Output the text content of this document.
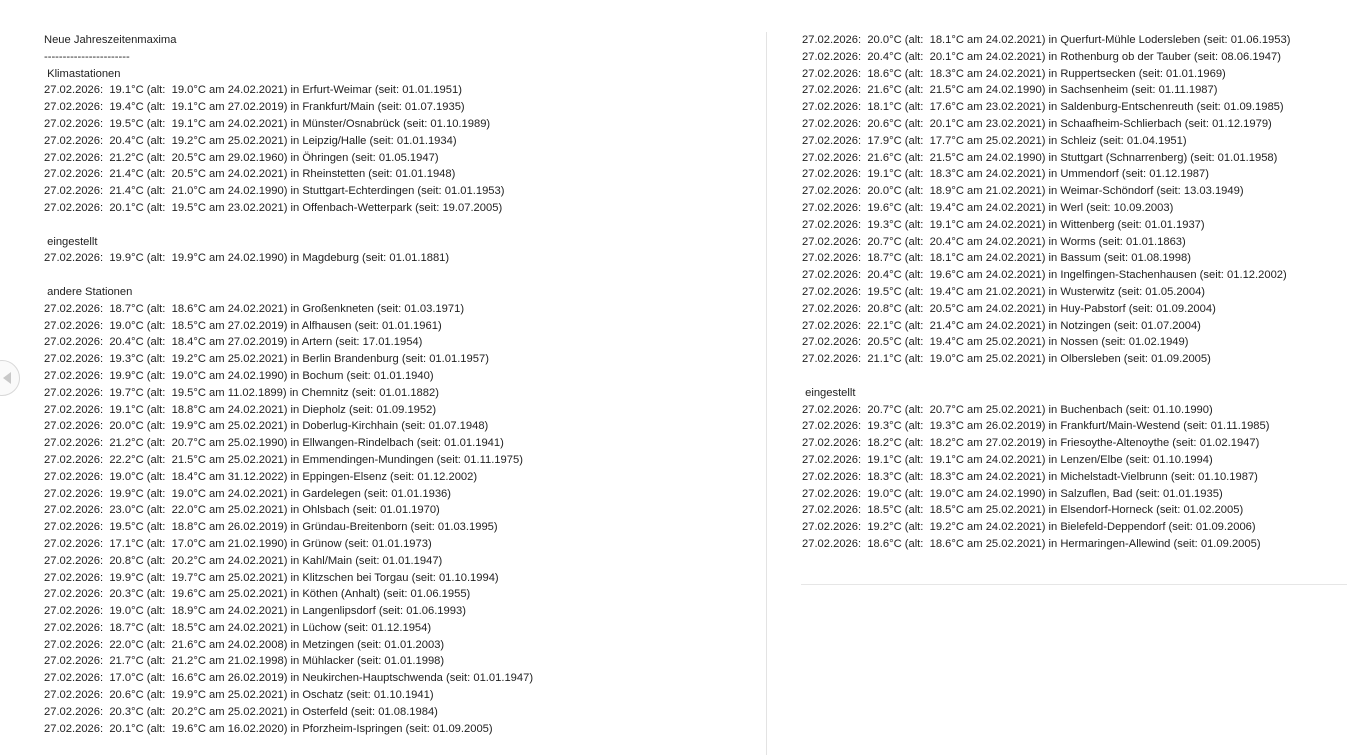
Neue Jahreszeitenmaxima
-----------------------
Klimastationen
27.02.2026:  19.1°C (alt:  19.0°C am 24.02.2021) in Erfurt-Weimar (seit: 01.01.1951)
27.02.2026:  19.4°C (alt:  19.1°C am 27.02.2019) in Frankfurt/Main (seit: 01.07.1935)
27.02.2026:  19.5°C (alt:  19.1°C am 24.02.2021) in Münster/Osnabrück (seit: 01.10.1989)
27.02.2026:  20.4°C (alt:  19.2°C am 25.02.2021) in Leipzig/Halle (seit: 01.01.1934)
27.02.2026:  21.2°C (alt:  20.5°C am 29.02.1960) in Öhringen (seit: 01.05.1947)
27.02.2026:  21.4°C (alt:  20.5°C am 24.02.2021) in Rheinstetten (seit: 01.01.1948)
27.02.2026:  21.4°C (alt:  21.0°C am 24.02.1990) in Stuttgart-Echterdingen (seit: 01.01.1953)
27.02.2026:  20.1°C (alt:  19.5°C am 23.02.2021) in Offenbach-Wetterpark (seit: 19.07.2005)
eingestellt
27.02.2026:  19.9°C (alt:  19.9°C am 24.02.1990) in Magdeburg (seit: 01.01.1881)
andere Stationen
27.02.2026:  18.7°C (alt:  18.6°C am 24.02.2021) in Großenkneten (seit: 01.03.1971)
27.02.2026:  19.0°C (alt:  18.5°C am 27.02.2019) in Alfhausen (seit: 01.01.1961)
27.02.2026:  20.4°C (alt:  18.4°C am 27.02.2019) in Artern (seit: 17.01.1954)
27.02.2026:  19.3°C (alt:  19.2°C am 25.02.2021) in Berlin Brandenburg (seit: 01.01.1957)
27.02.2026:  19.9°C (alt:  19.0°C am 24.02.1990) in Bochum (seit: 01.01.1940)
27.02.2026:  19.7°C (alt:  19.5°C am 11.02.1899) in Chemnitz (seit: 01.01.1882)
27.02.2026:  19.1°C (alt:  18.8°C am 24.02.2021) in Diepholz (seit: 01.09.1952)
27.02.2026:  20.0°C (alt:  19.9°C am 25.02.2021) in Doberlug-Kirchhain (seit: 01.07.1948)
27.02.2026:  21.2°C (alt:  20.7°C am 25.02.1990) in Ellwangen-Rindelbach (seit: 01.01.1941)
27.02.2026:  22.2°C (alt:  21.5°C am 25.02.2021) in Emmendingen-Mundingen (seit: 01.11.1975)
27.02.2026:  19.0°C (alt:  18.4°C am 31.12.2022) in Eppingen-Elsenz (seit: 01.12.2002)
27.02.2026:  19.9°C (alt:  19.0°C am 24.02.2021) in Gardelegen (seit: 01.01.1936)
27.02.2026:  23.0°C (alt:  22.0°C am 25.02.2021) in Ohlsbach (seit: 01.01.1970)
27.02.2026:  19.5°C (alt:  18.8°C am 26.02.2019) in Gründau-Breitenborn (seit: 01.03.1995)
27.02.2026:  17.1°C (alt:  17.0°C am 21.02.1990) in Grünow (seit: 01.01.1973)
27.02.2026:  20.8°C (alt:  20.2°C am 24.02.2021) in Kahl/Main (seit: 01.01.1947)
27.02.2026:  19.9°C (alt:  19.7°C am 25.02.2021) in Klitzschen bei Torgau (seit: 01.10.1994)
27.02.2026:  20.3°C (alt:  19.6°C am 25.02.2021) in Köthen (Anhalt) (seit: 01.06.1955)
27.02.2026:  19.0°C (alt:  18.9°C am 24.02.2021) in Langenlipsdorf (seit: 01.06.1993)
27.02.2026:  18.7°C (alt:  18.5°C am 24.02.2021) in Lüchow (seit: 01.12.1954)
27.02.2026:  22.0°C (alt:  21.6°C am 24.02.2008) in Metzingen (seit: 01.01.2003)
27.02.2026:  21.7°C (alt:  21.2°C am 21.02.1998) in Mühlacker (seit: 01.01.1998)
27.02.2026:  17.0°C (alt:  16.6°C am 26.02.2019) in Neukirchen-Hauptschwenda (seit: 01.01.1947)
27.02.2026:  20.6°C (alt:  19.9°C am 25.02.2021) in Oschatz (seit: 01.10.1941)
27.02.2026:  20.3°C (alt:  20.2°C am 25.02.2021) in Osterfeld (seit: 01.08.1984)
27.02.2026:  20.1°C (alt:  19.6°C am 16.02.2020) in Pforzheim-Ispringen (seit: 01.09.2005)
27.02.2026:  20.0°C (alt:  18.1°C am 24.02.2021) in Querfurt-Mühle Lodersleben (seit: 01.06.1953)
27.02.2026:  20.4°C (alt:  20.1°C am 24.02.2021) in Rothenburg ob der Tauber (seit: 08.06.1947)
27.02.2026:  18.6°C (alt:  18.3°C am 24.02.2021) in Ruppertsecken (seit: 01.01.1969)
27.02.2026:  21.6°C (alt:  21.5°C am 24.02.1990) in Sachsenheim (seit: 01.11.1987)
27.02.2026:  18.1°C (alt:  17.6°C am 23.02.2021) in Saldenburg-Entschenreuth (seit: 01.09.1985)
27.02.2026:  20.6°C (alt:  20.1°C am 23.02.2021) in Schaafheim-Schlierbach (seit: 01.12.1979)
27.02.2026:  17.9°C (alt:  17.7°C am 25.02.2021) in Schleiz (seit: 01.04.1951)
27.02.2026:  21.6°C (alt:  21.5°C am 24.02.1990) in Stuttgart (Schnarrenberg) (seit: 01.01.1958)
27.02.2026:  19.1°C (alt:  18.3°C am 24.02.2021) in Ummendorf (seit: 01.12.1987)
27.02.2026:  20.0°C (alt:  18.9°C am 21.02.2021) in Weimar-Schöndorf (seit: 13.03.1949)
27.02.2026:  19.6°C (alt:  19.4°C am 24.02.2021) in Werl (seit: 10.09.2003)
27.02.2026:  19.3°C (alt:  19.1°C am 24.02.2021) in Wittenberg (seit: 01.01.1937)
27.02.2026:  20.7°C (alt:  20.4°C am 24.02.2021) in Worms (seit: 01.01.1863)
27.02.2026:  18.7°C (alt:  18.1°C am 24.02.2021) in Bassum (seit: 01.08.1998)
27.02.2026:  20.4°C (alt:  19.6°C am 24.02.2021) in Ingelfingen-Stachenhausen (seit: 01.12.2002)
27.02.2026:  19.5°C (alt:  19.4°C am 21.02.2021) in Wusterwitz (seit: 01.05.2004)
27.02.2026:  20.8°C (alt:  20.5°C am 24.02.2021) in Huy-Pabstorf (seit: 01.09.2004)
27.02.2026:  22.1°C (alt:  21.4°C am 24.02.2021) in Notzingen (seit: 01.07.2004)
27.02.2026:  20.5°C (alt:  19.4°C am 25.02.2021) in Nossen (seit: 01.02.1949)
27.02.2026:  21.1°C (alt:  19.0°C am 25.02.2021) in Olbersleben (seit: 01.09.2005)
eingestellt
27.02.2026:  20.7°C (alt:  20.7°C am 25.02.2021) in Buchenbach (seit: 01.10.1990)
27.02.2026:  19.3°C (alt:  19.3°C am 26.02.2019) in Frankfurt/Main-Westend (seit: 01.11.1985)
27.02.2026:  18.2°C (alt:  18.2°C am 27.02.2019) in Friesoythe-Altenoythe (seit: 01.02.1947)
27.02.2026:  19.1°C (alt:  19.1°C am 24.02.2021) in Lenzen/Elbe (seit: 01.10.1994)
27.02.2026:  18.3°C (alt:  18.3°C am 24.02.2021) in Michelstadt-Vielbrunn (seit: 01.10.1987)
27.02.2026:  19.0°C (alt:  19.0°C am 24.02.1990) in Salzuflen, Bad (seit: 01.01.1935)
27.02.2026:  18.5°C (alt:  18.5°C am 25.02.2021) in Elsendorf-Horneck (seit: 01.02.2005)
27.02.2026:  19.2°C (alt:  19.2°C am 24.02.2021) in Bielefeld-Deppendorf (seit: 01.09.2006)
27.02.2026:  18.6°C (alt:  18.6°C am 25.02.2021) in Hermaringen-Allewind (seit: 01.09.2005)
